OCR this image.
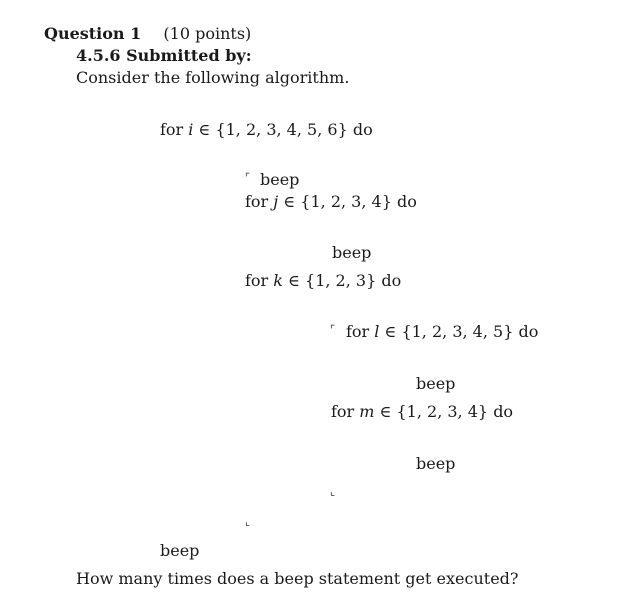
Question 1 (10 points)
4.5.6 Submitted by:
Consider the following algorithm.
for i ∈ {1, 2, 3, 4, 5, 6} do
⌜ beep
for j ∈ {1, 2, 3, 4} do
beep
for k ∈ {1, 2, 3} do
⌜ for l ∈ {1, 2, 3, 4, 5} do
beep
for m ∈ {1, 2, 3, 4} do
beep
⌞
⌞
beep
How many times does a beep statement get executed?
